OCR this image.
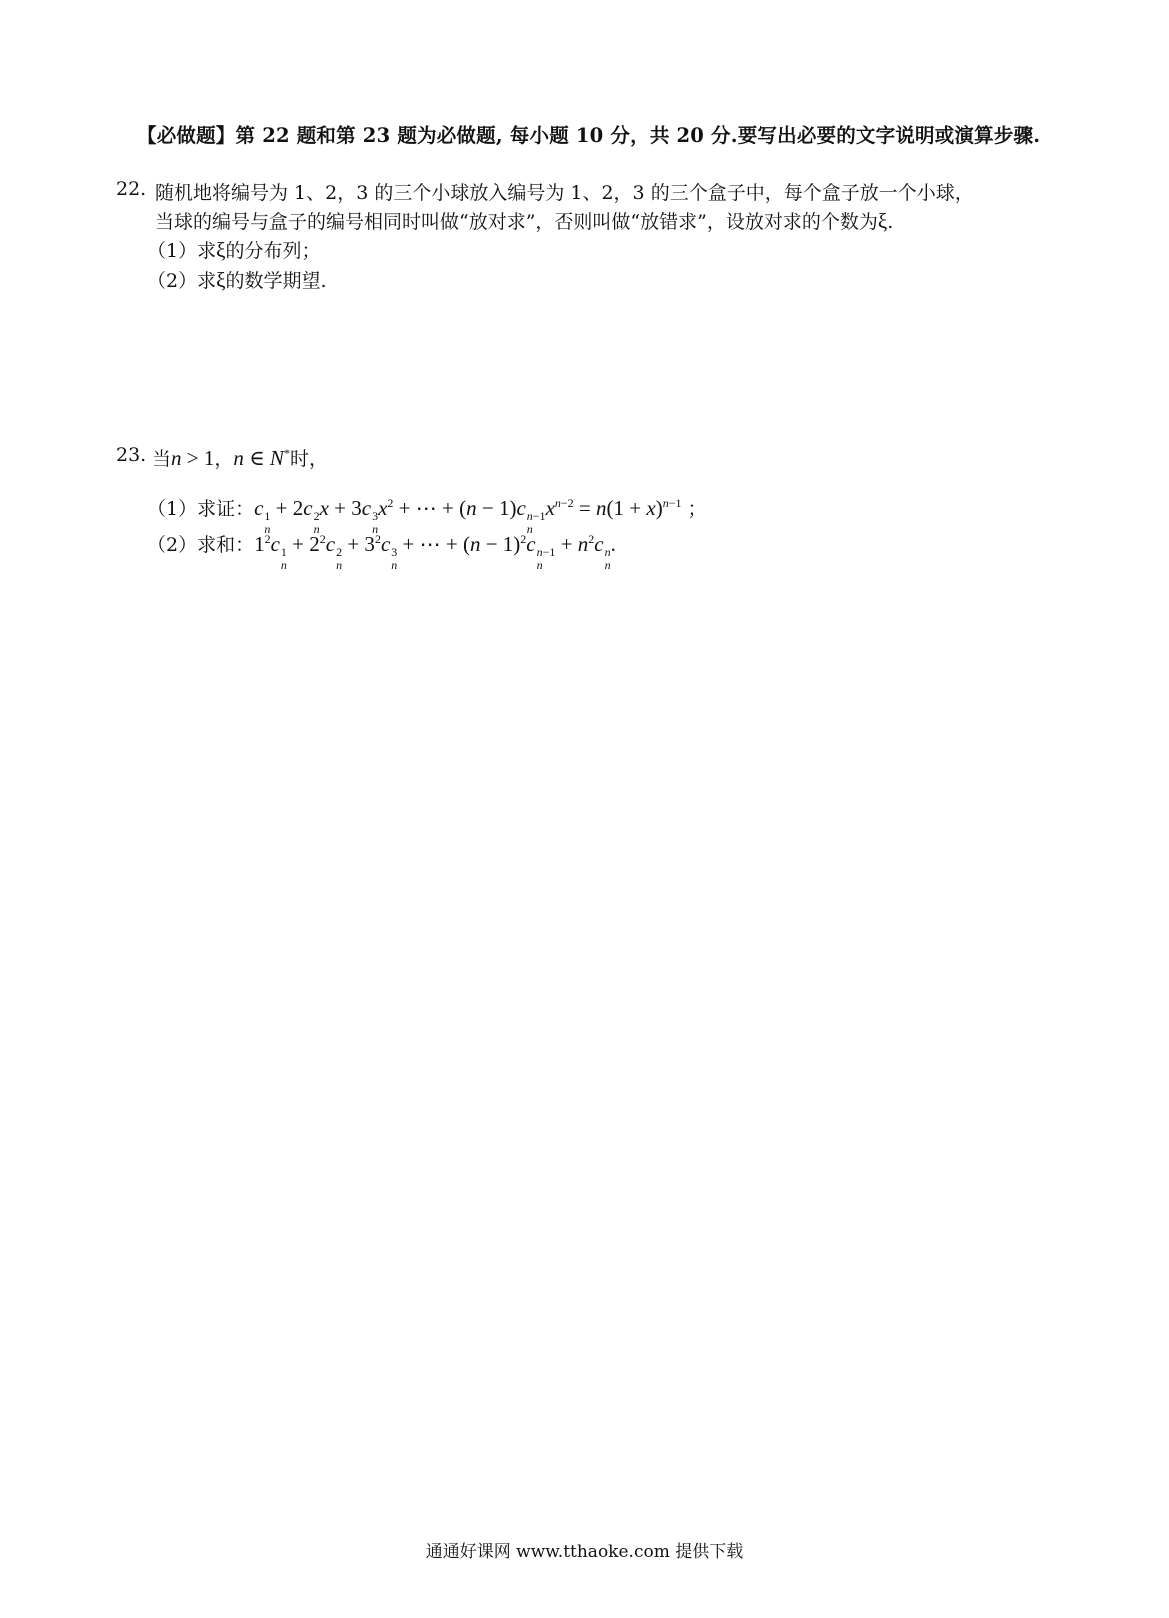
【必做题】第 22 题和第 23 题为必做题, 每小题 10 分，共 20 分.要写出必要的文字说明或演算步骤.
22. 随机地将编号为 1、2，3 的三个小球放入编号为 1、2，3 的三个盒子中，每个盒子放一个小球，
当球的编号与盒子的编号相同时叫做“放对求”，否则叫做“放错求”，设放对求的个数为ξ.
（1）求ξ的分布列；
（2）求ξ的数学期望.
23. 当n > 1，n ∈ N*时，
（1）求证：c 1
n
+ 2c 2
n
x + 3c 3
n
$x^2$ + ⋯ + (n − 1)c n−1
n
$x^{n-2} = n(1 + x)^{n-1}$ ；
（2）求和：$1^2c$ 1
n
+ $2^2c$ 2
n
+ $3^2c$ 3
n
+ ⋯ + $(n - 1)^2c$ n−1
n
+ $n^2c$ n
n
.
通通好课网 www.tthaoke.com 提供下载
